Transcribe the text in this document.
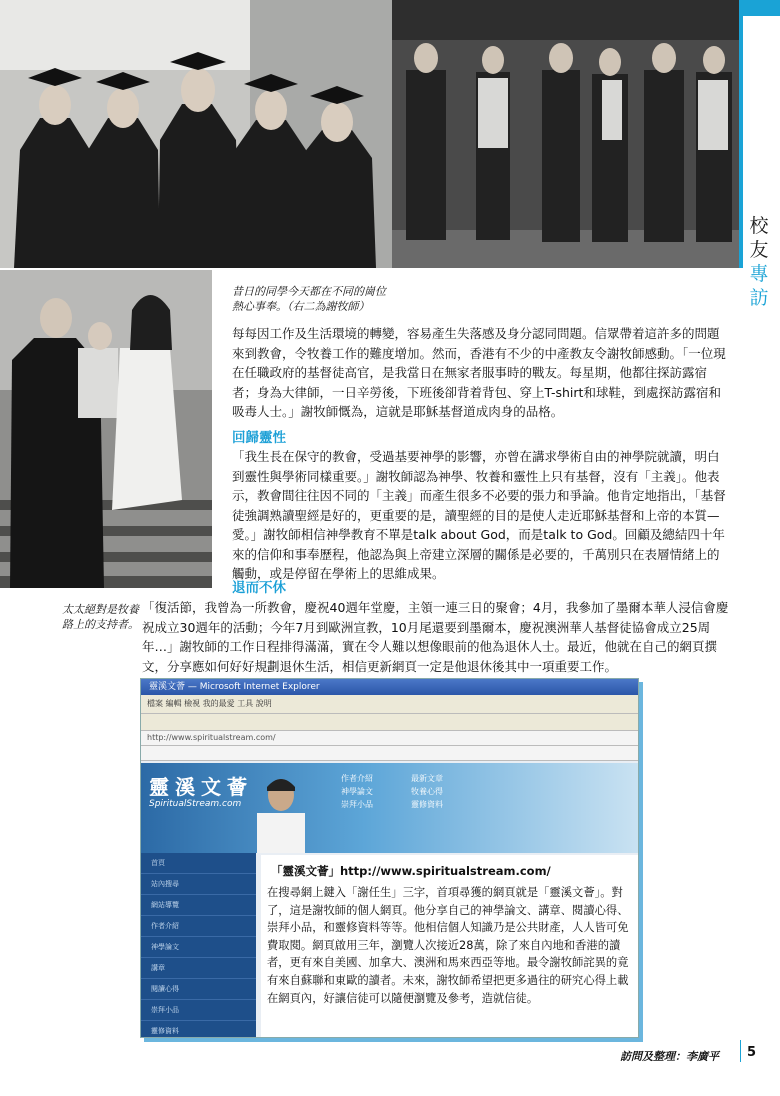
校
友
專
訪
昔日的同學今天都在不同的崗位
熱心事奉。（右二為謝牧師）

每每因工作及生活環境的轉變，容易產生失落感及身分認同問題。信眾帶着這許多的問題來到教會，令牧養工作的難度增加。然而，香港有不少的中產教友令謝牧師感動。「一位現在任職政府的基督徒高官，是我當日在無家者服事時的戰友。每星期，他都往探訪露宿者；身為大律師，一日辛勞後，下班後卻背着背包、穿上T-shirt和球鞋，到處探訪露宿和吸毒人士。」謝牧師慨為，這就是耶穌基督道成肉身的品格。

回歸靈性

「我生長在保守的教會，受過基要神學的影響，亦曾在講求學術自由的神學院就讀，明白到靈性與學術同樣重要。」謝牧師認為神學、牧養和靈性上只有基督，沒有「主義」。他表示，教會間往往因不同的「主義」而產生很多不必要的張力和爭論。他肯定地指出，「基督徒強調熟讀聖經是好的，更重要的是，讀聖經的目的是使人走近耶穌基督和上帝的本質—愛。」謝牧師相信神學教育不單是talk about God，而是talk to God。回顧及總結四十年來的信仰和事奉歷程，他認為與上帝建立深層的關係是必要的，千萬別只在表層情緒上的觸動，或是停留在學術上的思維成果。

退而不休
太太絕對是牧養
路上的支持者。

「復活節，我曾為一所教會，慶祝40週年堂慶，主領一連三日的聚會；4月，我參加了墨爾本華人浸信會慶祝成立30週年的活動；今年7月到歐洲宣教，10月尾還要到墨爾本，慶祝澳洲華人基督徒協會成立25周年…」謝牧師的工作日程排得滿滿，實在令人難以想像眼前的他為退休人士。最近，他就在自己的網頁撰文，分享應如何好好規劃退休生活，相信更新網頁一定是他退休後其中一項重要工作。

靈溪文薈 — Microsoft Internet Explorer
檔案 編輯 檢視 我的最愛 工具 說明
http://www.spiritualstream.com/
靈溪文薈
SpiritualStream.com
作者介紹	最新文章
神學論文	牧養心得
崇拜小品	靈修資料
首頁
站內搜尋
網站導覽
作者介紹
神學論文
講章
閱讀心得
崇拜小品
靈修資料
「靈溪文薈」http://www.spiritualstream.com/

在搜尋網上鍵入「謝任生」三字，首項尋獲的網頁就是「靈溪文薈」。對了，這是謝牧師的個人網頁。他分享自己的神學論文、講章、閱讀心得、崇拜小品，和靈修資料等等。他相信個人知識乃是公共財產，人人皆可免費取閱。網頁啟用三年，瀏覽人次接近28萬，除了來自內地和香港的讀者，更有來自美國、加拿大、澳洲和馬來西亞等地。最令謝牧師詫異的竟有來自蘇聯和東歐的讀者。未來，謝牧師希望把更多過往的研究心得上載在網頁內，好讓信徒可以隨便瀏覽及參考，造就信徒。

訪問及整理：李廣平 5
